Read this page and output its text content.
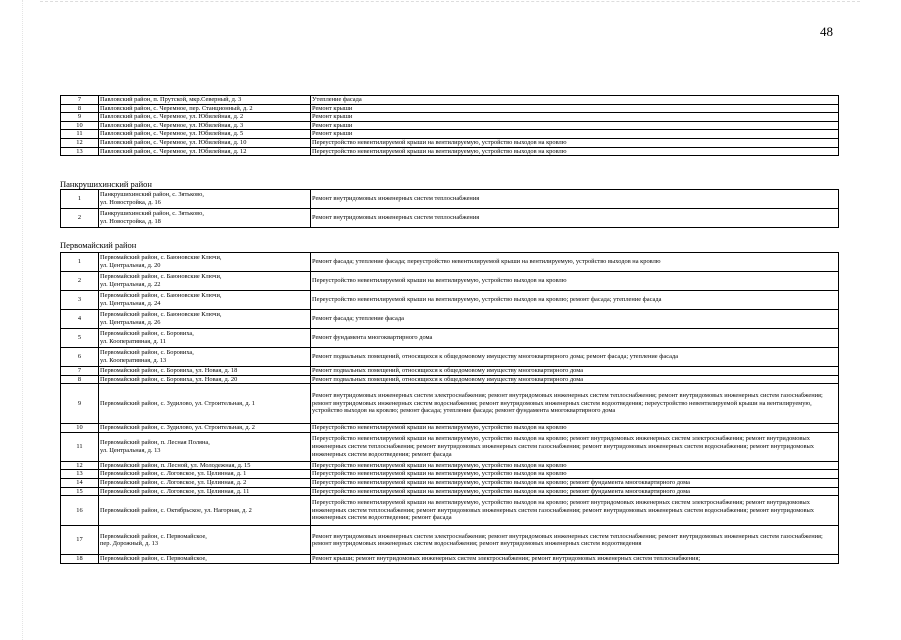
48
7	Павловский район, п. Прутской, мкр.Северный, д. 3	Утепление фасада
8	Павловский район, с. Черемное, пер. Станционный, д. 2	Ремонт крыши
9	Павловский район, с. Черемное, ул. Юбилейная, д. 2	Ремонт крыши
10	Павловский район, с. Черемное, ул. Юбилейная, д. 3	Ремонт крыши
11	Павловский район, с. Черемное, ул. Юбилейная, д. 5	Ремонт крыши
12	Павловский район, с. Черемное, ул. Юбилейная, д. 10	Переустройство невентилируемой крыши на вентилируемую, устройство выходов на кровлю
13	Павловский район, с. Черемное, ул. Юбилейная, д. 12	Переустройство невентилируемой крыши на вентилируемую, устройство выходов на кровлю
Панкрушихинский район
1	Панкрушихинский район, с. Зятьково,
ул. Новостройка, д. 16	Ремонт внутридомовых инженерных систем теплоснабжения
2	Панкрушихинский район, с. Зятьково,
ул. Новостройка, д. 18	Ремонт внутридомовых инженерных систем теплоснабжения
Первомайский район
1	Первомайский район, с. Баюновские Ключи,
ул. Центральная, д. 20	Ремонт фасада; утепление фасада; переустройство невентилируемой крыши на вентилируемую, устройство выходов на кровлю
2	Первомайский район, с. Баюновские Ключи,
ул. Центральная, д. 22	Переустройство невентилируемой крыши на вентилируемую, устройство выходов на кровлю
3	Первомайский район, с. Баюновские Ключи,
ул. Центральная, д. 24	Переустройство невентилируемой крыши на вентилируемую, устройство выходов на кровлю; ремонт фасада; утепление фасада
4	Первомайский район, с. Баюновские Ключи,
ул. Центральная, д. 26	Ремонт фасада; утепление фасада
5	Первомайский район, с. Боровиха,
ул. Кооперативная, д. 11	Ремонт фундамента многоквартирного дома
6	Первомайский район, с. Боровиха,
ул. Кооперативная, д. 13	Ремонт подвальных помещений, относящихся к общедомовому имуществу многоквартирного дома; ремонт фасада; утепление фасада
7	Первомайский район, с. Боровиха, ул. Новая, д. 18	Ремонт подвальных помещений, относящихся к общедомовому имуществу многоквартирного дома
8	Первомайский район, с. Боровиха, ул. Новая, д. 20	Ремонт подвальных помещений, относящихся к общедомовому имуществу многоквартирного дома
9	Первомайский район, с. Зудилово, ул. Строительная, д. 1	Ремонт внутридомовых инженерных систем электроснабжения; ремонт внутридомовых инженерных систем теплоснабжения; ремонт внутридомовых инженерных систем газоснабжения; ремонт внутридомовых инженерных систем водоснабжения; ремонт внутридомовых инженерных систем водоотведения; переустройство невентилируемой крыши на вентилируемую, устройство выходов на кровлю; ремонт фасада; утепление фасада; ремонт фундамента многоквартирного дома
10	Первомайский район, с. Зудилово, ул. Строительная, д. 2	Переустройство невентилируемой крыши на вентилируемую, устройство выходов на кровлю
11	Первомайский район, п. Лесная Поляна,
ул. Центральная, д. 13	Переустройство невентилируемой крыши на вентилируемую, устройство выходов на кровлю; ремонт внутридомовых инженерных систем электроснабжения; ремонт внутридомовых инженерных систем теплоснабжения; ремонт внутридомовых инженерных систем газоснабжения; ремонт внутридомовых инженерных систем водоснабжения; ремонт внутридомовых инженерных систем водоотведения; ремонт фасада
12	Первомайский район, п. Лесной, ул. Молодежная, д. 15	Переустройство невентилируемой крыши на вентилируемую, устройство выходов на кровлю
13	Первомайский район, с. Логовское, ул. Целинная, д. 1	Переустройство невентилируемой крыши на вентилируемую, устройство выходов на кровлю
14	Первомайский район, с. Логовское, ул. Целинная, д. 2	Переустройство невентилируемой крыши на вентилируемую, устройство выходов на кровлю; ремонт фундамента многоквартирного дома
15	Первомайский район, с. Логовское, ул. Целинная, д. 11	Переустройство невентилируемой крыши на вентилируемую, устройство выходов на кровлю; ремонт фундамента многоквартирного дома
16	Первомайский район, с. Октябрьское, ул. Нагорная, д. 2	Переустройство невентилируемой крыши на вентилируемую, устройство выходов на кровлю; ремонт внутридомовых инженерных систем электроснабжения; ремонт внутридомовых инженерных систем теплоснабжения; ремонт внутридомовых инженерных систем газоснабжения; ремонт внутридомовых инженерных систем водоснабжения; ремонт внутридомовых инженерных систем водоотведения; ремонт фасада
17	Первомайский район, с. Первомайское,
пер. Дорожный, д. 13	Ремонт внутридомовых инженерных систем электроснабжения; ремонт внутридомовых инженерных систем теплоснабжения; ремонт внутридомовых инженерных систем газоснабжения; ремонт внутридомовых инженерных систем водоснабжения; ремонт внутридомовых инженерных систем водоотведения
18	Первомайский район, с. Первомайское,	Ремонт крыши; ремонт внутридомовых инженерных систем электроснабжения; ремонт внутридомовых инженерных систем теплоснабжения;
